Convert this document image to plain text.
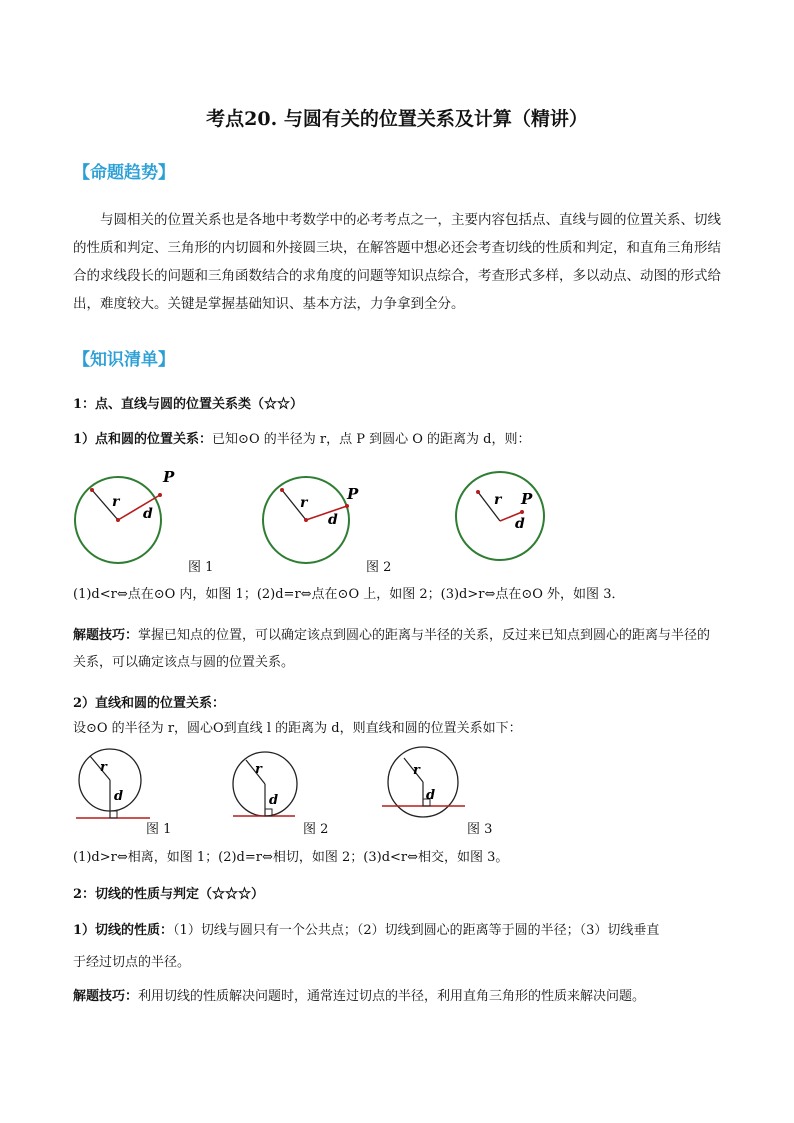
考点20. 与圆有关的位置关系及计算（精讲）
【命题趋势】
与圆相关的位置关系也是各地中考数学中的必考考点之一，主要内容包括点、直线与圆的位置关系、切线的性质和判定、三角形的内切圆和外接圆三块，在解答题中想必还会考查切线的性质和判定，和直角三角形结合的求线段长的问题和三角函数结合的求角度的问题等知识点综合，考查形式多样，多以动点、动图的形式给出，难度较大。关键是掌握基础知识、基本方法，力争拿到全分。
【知识清单】
1：点、直线与圆的位置关系类（☆☆）
1）点和圆的位置关系：已知⊙O 的半径为 r，点 P 到圆心 O 的距离为 d，则：
r
d
P
r
d
P	r
d
P
图 1	图 2
(1)d<r⇔点在⊙O 内，如图 1；(2)d=r⇔点在⊙O 上，如图 2；(3)d>r⇔点在⊙O 外，如图 3．
解题技巧：掌握已知点的位置，可以确定该点到圆心的距离与半径的关系，反过来已知点到圆心的距离与半径的关系，可以确定该点与圆的位置关系。
2）直线和圆的位置关系：
设⊙O 的半径为 r，圆心O到直线 l 的距离为 d，则直线和圆的位置关系如下：
r
d
r
d
r
d
图 1	图 2	图 3
(1)d>r⇔相离，如图 1；(2)d=r⇔相切，如图 2；(3)d<r⇔相交，如图 3。
2：切线的性质与判定（☆☆☆）
1）切线的性质：（1）切线与圆只有一个公共点；（2）切线到圆心的距离等于圆的半径；（3）切线垂直
于经过切点的半径。
解题技巧：利用切线的性质解决问题时，通常连过切点的半径，利用直角三角形的性质来解决问题。
